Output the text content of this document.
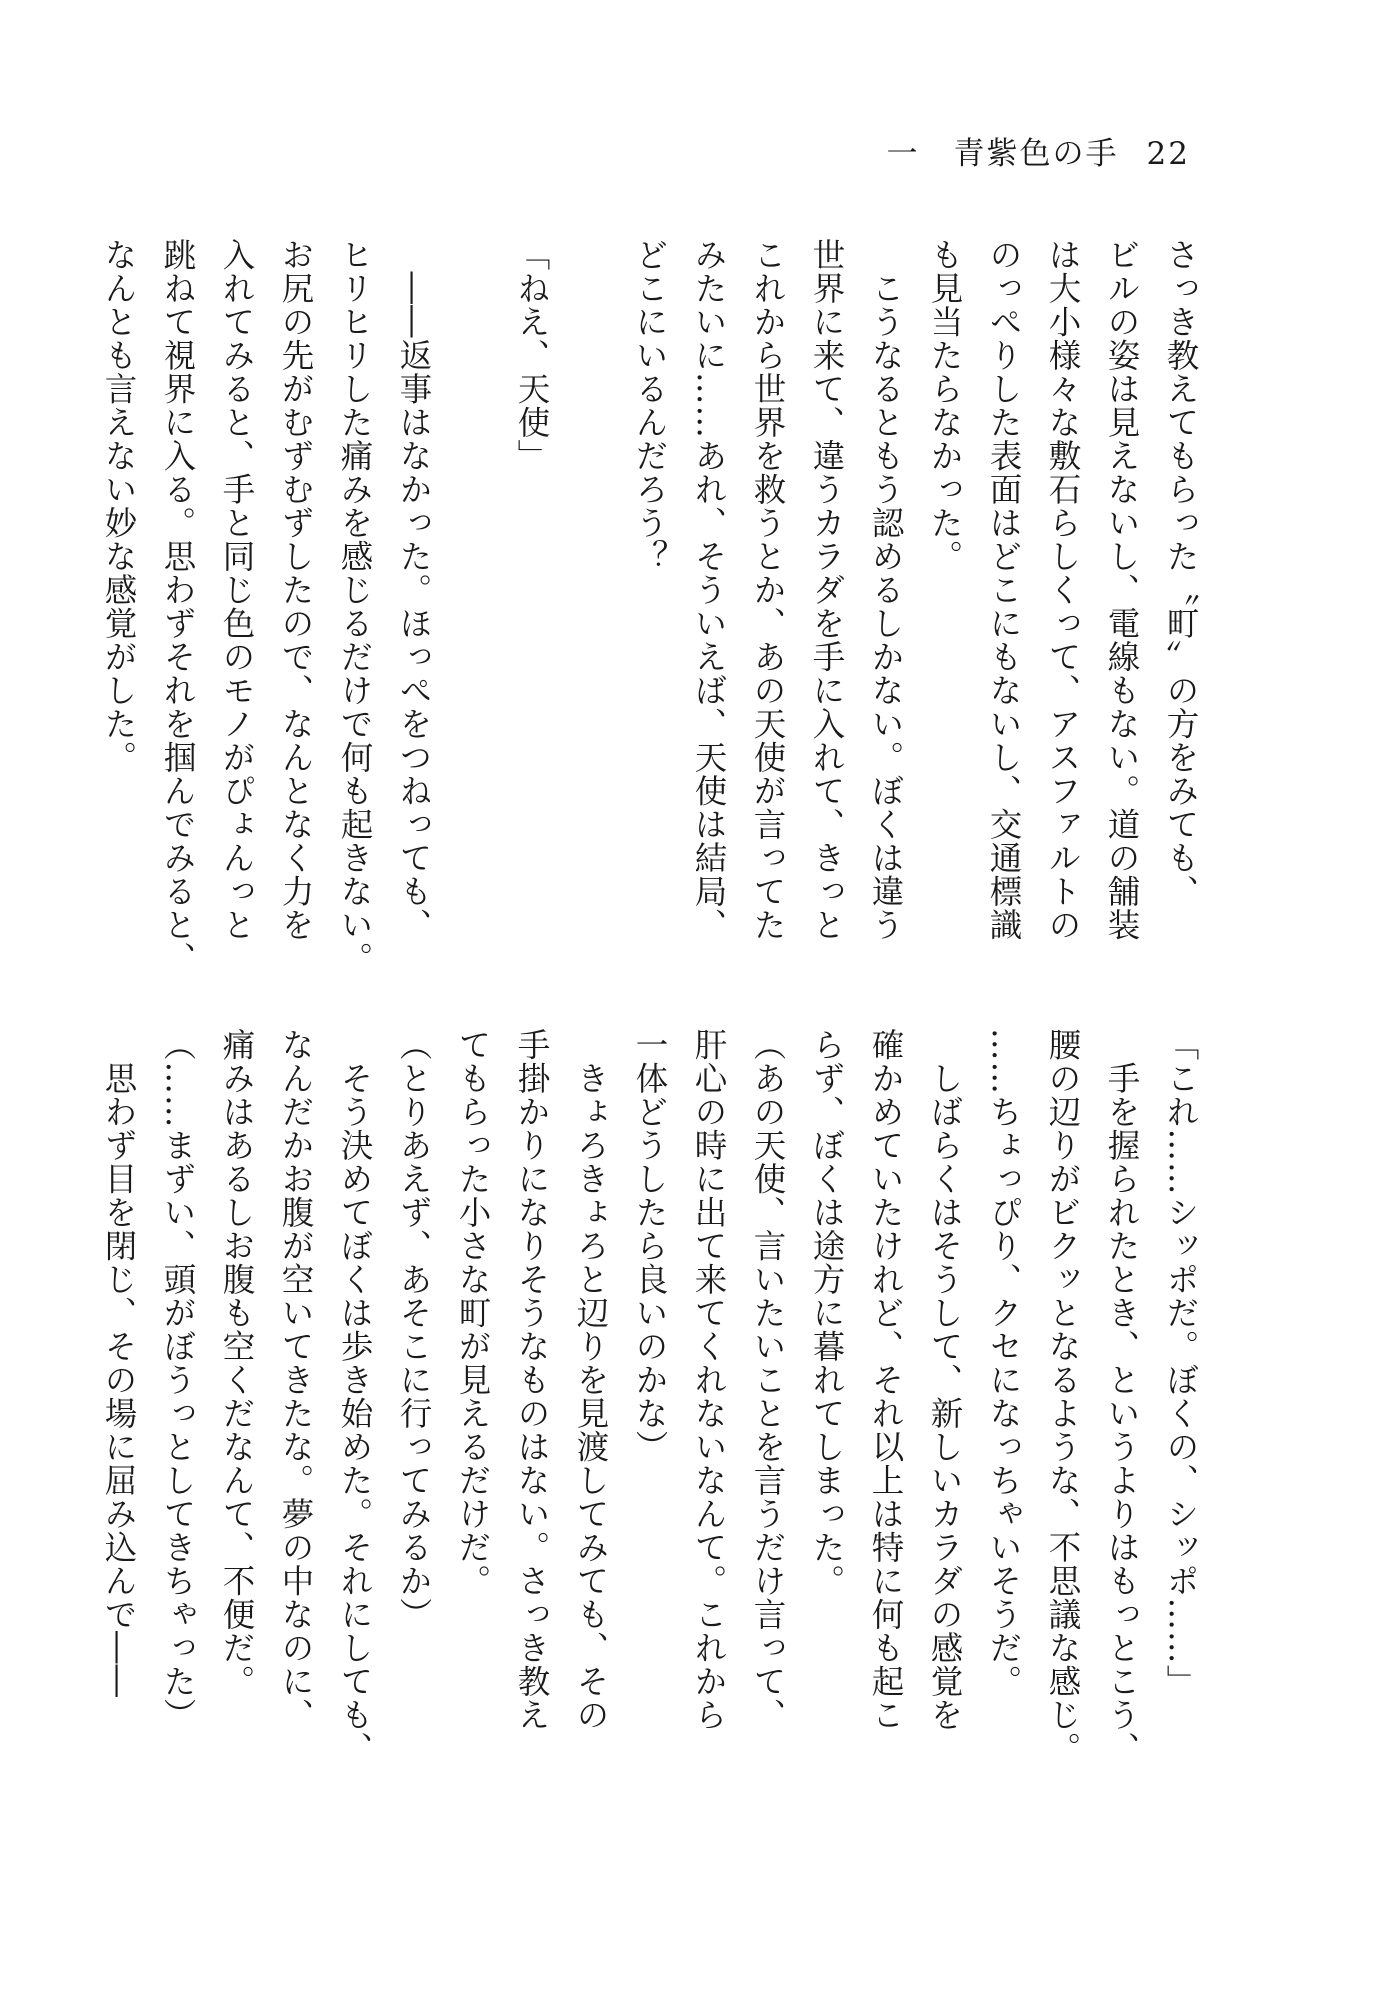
一 青紫色の手 22
さっき教えてもらった〝町〟の方をみても、
ビルの姿は見えないし、電線もない。道の舗装
は大小様々な敷石らしくって、アスファルトの
のっぺりした表面はどこにもないし、交通標識
も見当たらなかった。
　こうなるともう認めるしかない。ぼくは違う
世界に来て、違うカラダを手に入れて、きっと
これから世界を救うとか、あの天使が言ってた
みたいに……あれ、そういえば、天使は結局、
どこにいるんだろう？
「ねえ、天使」
　――返事はなかった。ほっぺをつねっても、
ヒリヒリした痛みを感じるだけで何も起きない。
お尻の先がむずむずしたので、なんとなく力を
入れてみると、手と同じ色のモノがぴょんっと
跳ねて視界に入る。思わずそれを掴んでみると、
なんとも言えない妙な感覚がした。
「これ……シッポだ。ぼくの、シッポ……」
　手を握られたとき、というよりはもっとこう、
腰の辺りがビクッとなるような、不思議な感じ。
……ちょっぴり、クセになっちゃいそうだ。
　しばらくはそうして、新しいカラダの感覚を
確かめていたけれど、それ以上は特に何も起こ
らず、ぼくは途方に暮れてしまった。
（あの天使、言いたいことを言うだけ言って、
肝心の時に出て来てくれないなんて。これから
一体どうしたら良いのかな）
　きょろきょろと辺りを見渡してみても、その
手掛かりになりそうなものはない。さっき教え
てもらった小さな町が見えるだけだ。
（とりあえず、あそこに行ってみるか）
　そう決めてぼくは歩き始めた。それにしても、
なんだかお腹が空いてきたな。夢の中なのに、
痛みはあるしお腹も空くだなんて、不便だ。
（……まずい、頭がぼうっとしてきちゃった）
　思わず目を閉じ、その場に屈み込んで――
